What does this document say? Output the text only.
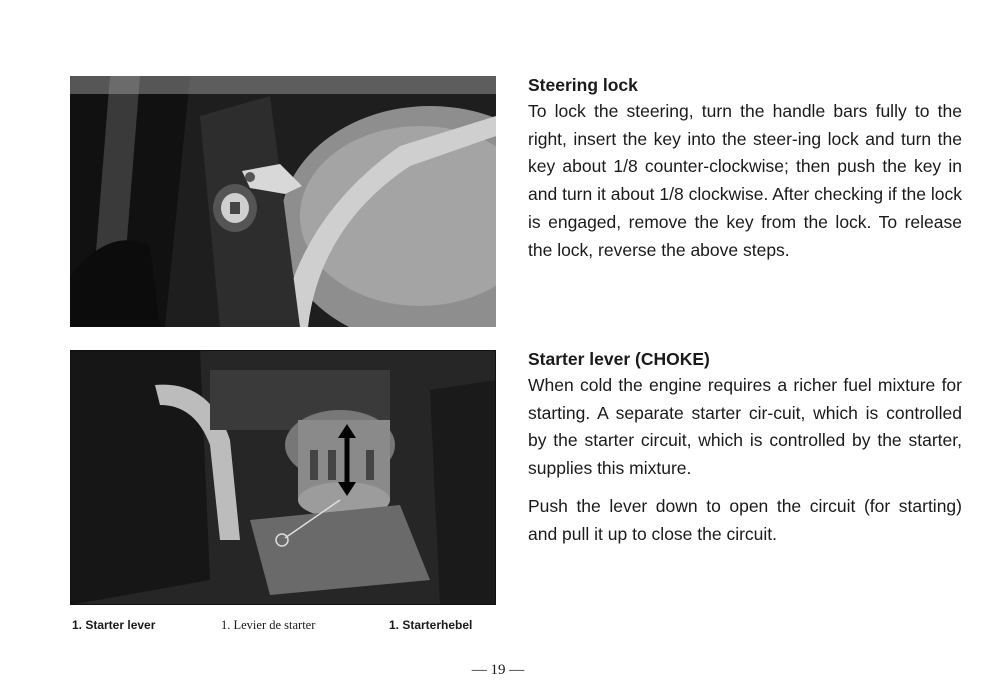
1. Starter lever	1. Levier de starter	1. Starterhebel

Steering lock

To lock the steering, turn the handle bars fully to the right, insert the key into the steer-ing lock and turn the key about 1/8 counter-clockwise; then push the key in and turn it about 1/8 clockwise. After checking if the lock is engaged, remove the key from the lock. To release the lock, reverse the above steps.

Starter lever (CHOKE)

When cold the engine requires a richer fuel mixture for starting. A separate starter cir-cuit, which is controlled by the starter circuit, which is controlled by the starter, supplies this mixture.

Push the lever down to open the circuit (for starting) and pull it up to close the circuit.

— 19 —
